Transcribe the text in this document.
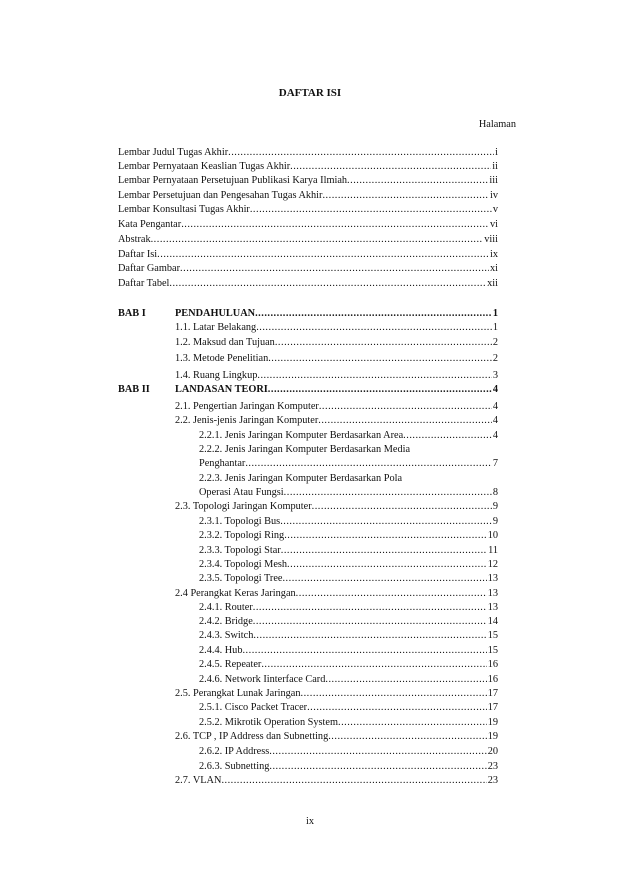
DAFTAR ISI
Halaman
Lembar Judul Tugas Akhir .....	i
Lembar Pernyataan Keaslian Tugas Akhir .....	ii
Lembar Pernyataan Persetujuan Publikasi Karya Ilmiah .....	iii
Lembar Persetujuan dan Pengesahan Tugas Akhir .....	iv
Lembar Konsultasi Tugas Akhir .....	v
Kata Pengantar .....	vi
Abstrak .....	viii
Daftar Isi .....	ix
Daftar Gambar .....	xi
Daftar Tabel .....	xii
BAB I	PENDAHULUAN .....	1
1.1. Latar Belakang .....	1
1.2. Maksud dan Tujuan .....	2
1.3. Metode Penelitian .....	2
1.4. Ruang Lingkup .....	3
BAB II LANDASAN TEORI .....	4
2.1. Pengertian Jaringan Komputer .....	4
2.2. Jenis-jenis Jaringan Komputer .....	4
2.2.1. Jenis Jaringan Komputer Berdasarkan Area .....	4
2.2.2. Jenis Jaringan Komputer Berdasarkan Media
Penghantar .....	7
2.2.3. Jenis Jaringan Komputer Berdasarkan Pola
Operasi Atau Fungsi .....	8
2.3. Topologi Jaringan Komputer .....	9
2.3.1. Topologi Bus .....	9
2.3.2. Topologi Ring .....	10
2.3.3. Topologi Star .....	11
2.3.4. Topologi Mesh .....	12
2.3.5. Topologi Tree .....	13
2.4 Perangkat Keras Jaringan .....	13
2.4.1. Router .....	13
2.4.2. Bridge .....	14
2.4.3. Switch .....	15
2.4.4. Hub .....	15
2.4.5. Repeater .....	16
2.4.6. Network Iinterface Card .....	16
2.5. Perangkat Lunak Jaringan .....	17
2.5.1. Cisco Packet Tracer .....	17
2.5.2. Mikrotik Operation System .....	19
2.6. TCP , IP Address dan Subnetting .....	19
2.6.2. IP Address .....	20
2.6.3. Subnetting .....	23
2.7. VLAN .....	23
ix
